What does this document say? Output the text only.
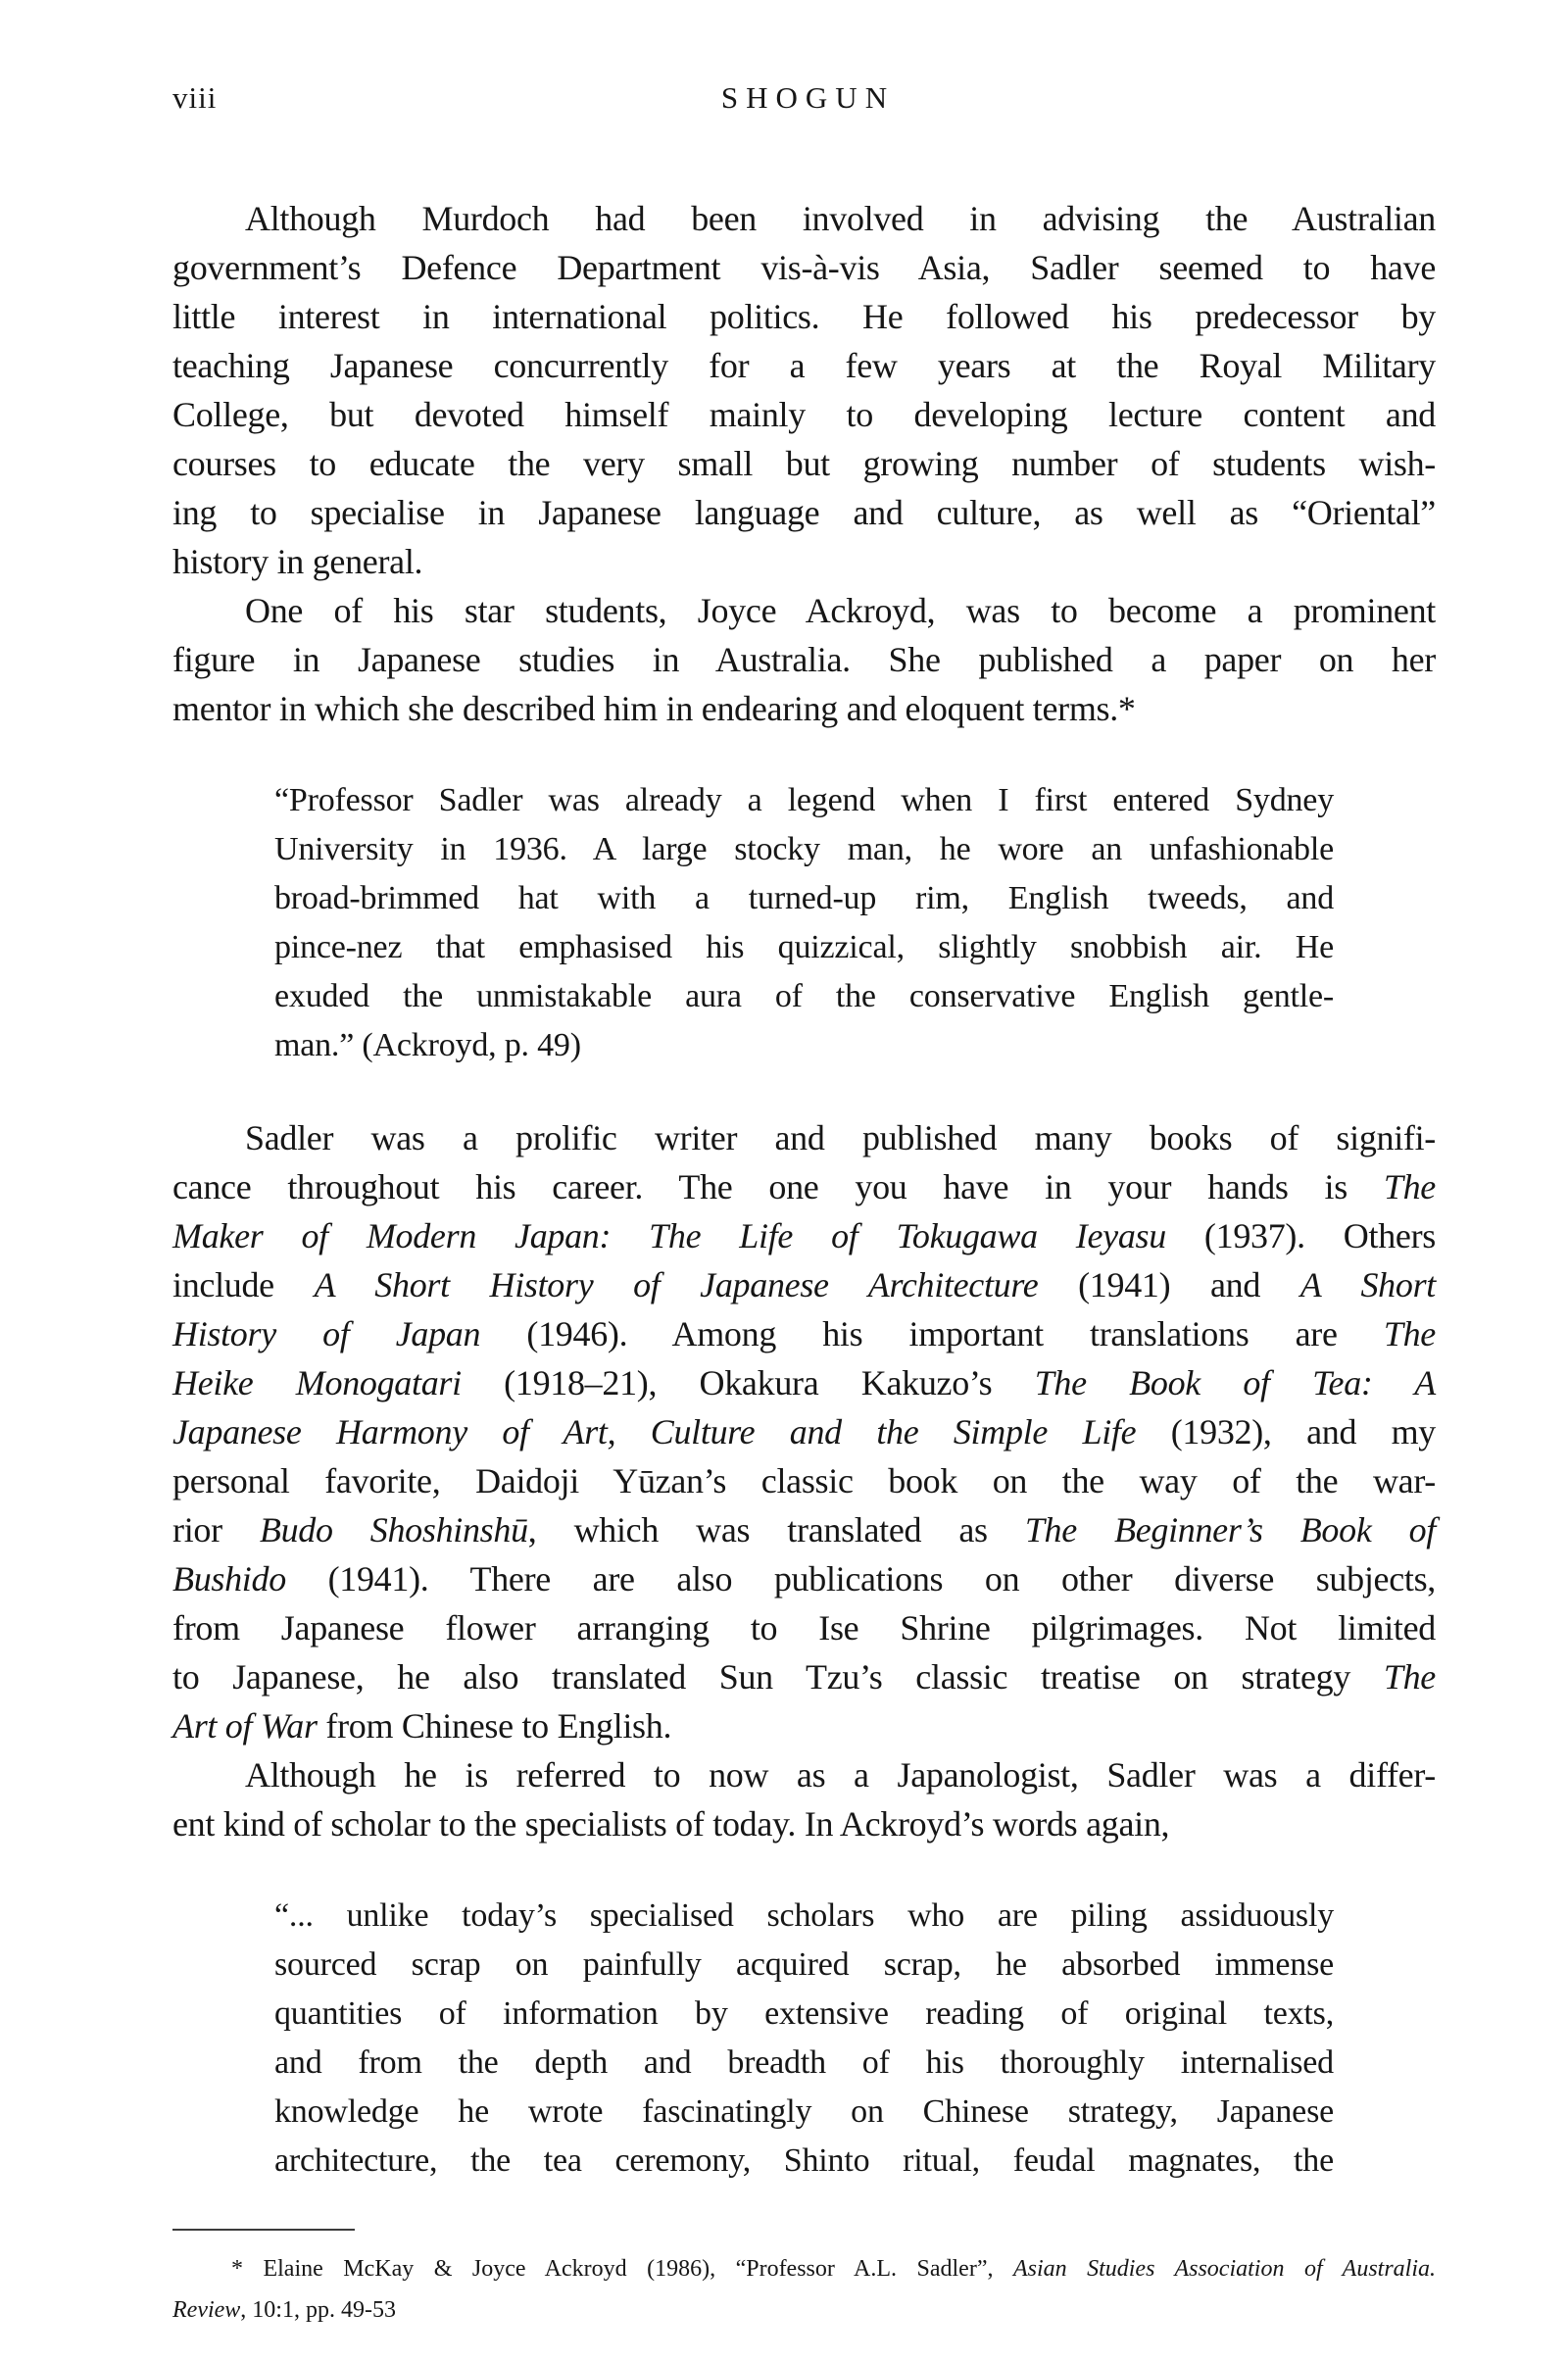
viii	SHOGUN
Although Murdoch had been involved in advising the Australian
government’s Defence Department vis-à-vis Asia, Sadler seemed to have
little interest in international politics. He followed his predecessor by
teaching Japanese concurrently for a few years at the Royal Military
College, but devoted himself mainly to developing lecture content and
courses to educate the very small but growing number of students wish-
ing to specialise in Japanese language and culture, as well as “Oriental”
history in general.
One of his star students, Joyce Ackroyd, was to become a prominent
figure in Japanese studies in Australia. She published a paper on her
mentor in which she described him in endearing and eloquent terms.*
“Professor Sadler was already a legend when I first entered Sydney
University in 1936. A large stocky man, he wore an unfashionable
broad-brimmed hat with a turned-up rim, English tweeds, and
pince-nez that emphasised his quizzical, slightly snobbish air. He
exuded the unmistakable aura of the conservative English gentle-
man.” (Ackroyd, p. 49)
Sadler was a prolific writer and published many books of signifi-
cance throughout his career. The one you have in your hands is The
Maker of Modern Japan: The Life of Tokugawa Ieyasu (1937). Others
include A Short History of Japanese Architecture (1941) and A Short
History of Japan (1946). Among his important translations are The
Heike Monogatari (1918–21), Okakura Kakuzo’s The Book of Tea: A
Japanese Harmony of Art, Culture and the Simple Life (1932), and my
personal favorite, Daidoji Yūzan’s classic book on the way of the war-
rior Budo Shoshinshū, which was translated as The Beginner’s Book of
Bushido (1941). There are also publications on other diverse subjects,
from Japanese flower arranging to Ise Shrine pilgrimages. Not limited
to Japanese, he also translated Sun Tzu’s classic treatise on strategy The
Art of War from Chinese to English.
Although he is referred to now as a Japanologist, Sadler was a differ-
ent kind of scholar to the specialists of today. In Ackroyd’s words again,
“... unlike today’s specialised scholars who are piling assiduously
sourced scrap on painfully acquired scrap, he absorbed immense
quantities of information by extensive reading of original texts,
and from the depth and breadth of his thoroughly internalised
knowledge he wrote fascinatingly on Chinese strategy, Japanese
architecture, the tea ceremony, Shinto ritual, feudal magnates, the
* Elaine McKay & Joyce Ackroyd (1986), “Professor A.L. Sadler”, Asian Studies Association of Australia.
Review, 10:1, pp. 49-53
